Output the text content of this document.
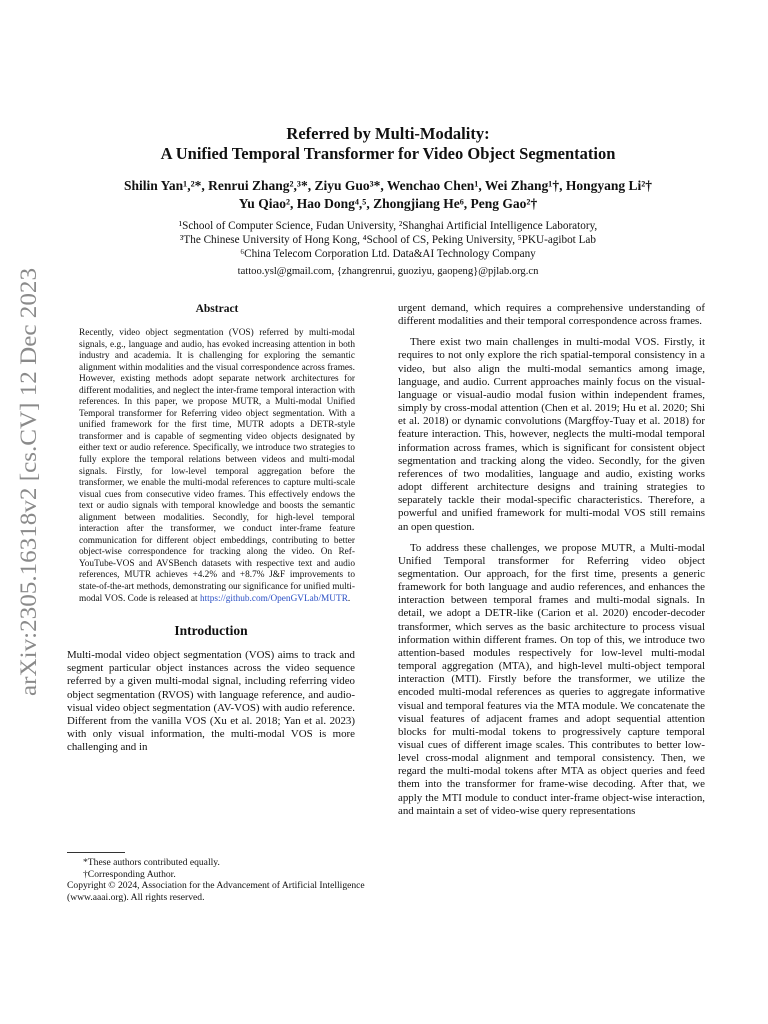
arXiv:2305.16318v2 [cs.CV] 12 Dec 2023
Referred by Multi-Modality:
A Unified Temporal Transformer for Video Object Segmentation
Shilin Yan¹,²*, Renrui Zhang²,³*, Ziyu Guo³*, Wenchao Chen¹, Wei Zhang¹†, Hongyang Li²†
Yu Qiao², Hao Dong⁴,⁵, Zhongjiang He⁶, Peng Gao²†
¹School of Computer Science, Fudan University, ²Shanghai Artificial Intelligence Laboratory,
³The Chinese University of Hong Kong, ⁴School of CS, Peking University, ⁵PKU-agibot Lab
⁶China Telecom Corporation Ltd. Data&AI Technology Company
tattoo.ysl@gmail.com, {zhangrenrui, guoziyu, gaopeng}@pjlab.org.cn
Abstract

Recently, video object segmentation (VOS) referred by multi-modal signals, e.g., language and audio, has evoked increasing attention in both industry and academia. It is challenging for exploring the semantic alignment within modalities and the visual correspondence across frames. However, existing methods adopt separate network architectures for different modalities, and neglect the inter-frame temporal interaction with references. In this paper, we propose MUTR, a Multi-modal Unified Temporal transformer for Referring video object segmentation. With a unified framework for the first time, MUTR adopts a DETR-style transformer and is capable of segmenting video objects designated by either text or audio reference. Specifically, we introduce two strategies to fully explore the temporal relations between videos and multi-modal signals. Firstly, for low-level temporal aggregation before the transformer, we enable the multi-modal references to capture multi-scale visual cues from consecutive video frames. This effectively endows the text or audio signals with temporal knowledge and boosts the semantic alignment between modalities. Secondly, for high-level temporal interaction after the transformer, we conduct inter-frame feature communication for different object embeddings, contributing to better object-wise correspondence for tracking along the video. On Ref-YouTube-VOS and AVSBench datasets with respective text and audio references, MUTR achieves +4.2% and +8.7% J&F improvements to state-of-the-art methods, demonstrating our significance for unified multi-modal VOS. Code is released at https://github.com/OpenGVLab/MUTR.

Introduction

Multi-modal video object segmentation (VOS) aims to track and segment particular object instances across the video sequence referred by a given multi-modal signal, including referring video object segmentation (RVOS) with language reference, and audio-visual video object segmentation (AV-VOS) with audio reference. Different from the vanilla VOS (Xu et al. 2018; Yan et al. 2023) with only visual information, the multi-modal VOS is more challenging and in

urgent demand, which requires a comprehensive understanding of different modalities and their temporal correspondence across frames.

There exist two main challenges in multi-modal VOS. Firstly, it requires to not only explore the rich spatial-temporal consistency in a video, but also align the multi-modal semantics among image, language, and audio. Current approaches mainly focus on the visual-language or visual-audio modal fusion within independent frames, simply by cross-modal attention (Chen et al. 2019; Hu et al. 2020; Shi et al. 2018) or dynamic convolutions (Margffoy-Tuay et al. 2018) for feature interaction. This, however, neglects the multi-modal temporal information across frames, which is significant for consistent object segmentation and tracking along the video. Secondly, for the given references of two modalities, language and audio, existing works adopt different architecture designs and training strategies to separately tackle their modal-specific characteristics. Therefore, a powerful and unified framework for multi-modal VOS still remains an open question.

To address these challenges, we propose MUTR, a Multi-modal Unified Temporal transformer for Referring video object segmentation. Our approach, for the first time, presents a generic framework for both language and audio references, and enhances the interaction between temporal frames and multi-modal signals. In detail, we adopt a DETR-like (Carion et al. 2020) encoder-decoder transformer, which serves as the basic architecture to process visual information within different frames. On top of this, we introduce two attention-based modules respectively for low-level multi-modal temporal aggregation (MTA), and high-level multi-object temporal interaction (MTI). Firstly before the transformer, we utilize the encoded multi-modal references as queries to aggregate informative visual and temporal features via the MTA module. We concatenate the visual features of adjacent frames and adopt sequential attention blocks for multi-modal tokens to progressively capture temporal visual cues of different image scales. This contributes to better low-level cross-modal alignment and temporal consistency. Then, we regard the multi-modal tokens after MTA as object queries and feed them into the transformer for frame-wise decoding. After that, we apply the MTI module to conduct inter-frame object-wise interaction, and maintain a set of video-wise query representations

*These authors contributed equally.
†Corresponding Author.
Copyright © 2024, Association for the Advancement of Artificial Intelligence (www.aaai.org). All rights reserved.
